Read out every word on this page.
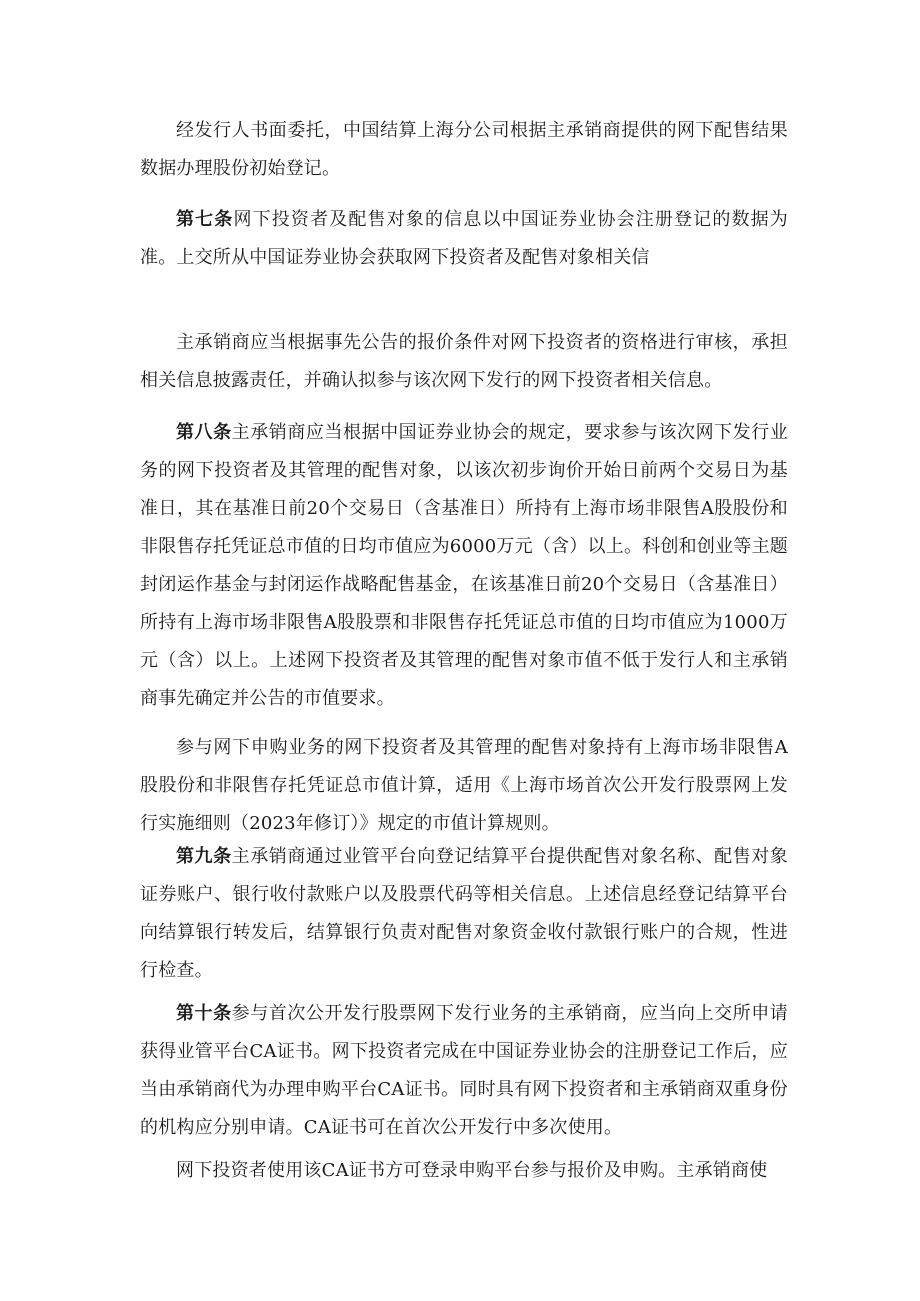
经发行人书面委托，中国结算上海分公司根据主承销商提供的网下配售结果数据办理股份初始登记。

第七条网下投资者及配售对象的信息以中国证券业协会注册登记的数据为准。上交所从中国证券业协会获取网下投资者及配售对象相关信

主承销商应当根据事先公告的报价条件对网下投资者的资格进行审核，承担相关信息披露责任，并确认拟参与该次网下发行的网下投资者相关信息。

第八条主承销商应当根据中国证券业协会的规定，要求参与该次网下发行业务的网下投资者及其管理的配售对象，以该次初步询价开始日前两个交易日为基准日，其在基准日前20个交易日（含基准日）所持有上海市场非限售A股股份和非限售存托凭证总市值的日均市值应为6000万元（含）以上。科创和创业等主题封闭运作基金与封闭运作战略配售基金，在该基准日前20个交易日（含基准日）所持有上海市场非限售A股股票和非限售存托凭证总市值的日均市值应为1000万元（含）以上。上述网下投资者及其管理的配售对象市值不低于发行人和主承销商事先确定并公告的市值要求。

参与网下申购业务的网下投资者及其管理的配售对象持有上海市场非限售A股股份和非限售存托凭证总市值计算，适用《上海市场首次公开发行股票网上发行实施细则（2023年修订）》规定的市值计算规则。

第九条主承销商通过业管平台向登记结算平台提供配售对象名称、配售对象证券账户、银行收付款账户以及股票代码等相关信息。上述信息经登记结算平台向结算银行转发后，结算银行负责对配售对象资金收付款银行账户的合规，性进行检查。

第十条参与首次公开发行股票网下发行业务的主承销商，应当向上交所申请获得业管平台CA证书。网下投资者完成在中国证券业协会的注册登记工作后，应当由承销商代为办理申购平台CA证书。同时具有网下投资者和主承销商双重身份的机构应分别申请。CA证书可在首次公开发行中多次使用。

网下投资者使用该CA证书方可登录申购平台参与报价及申购。主承销商使
